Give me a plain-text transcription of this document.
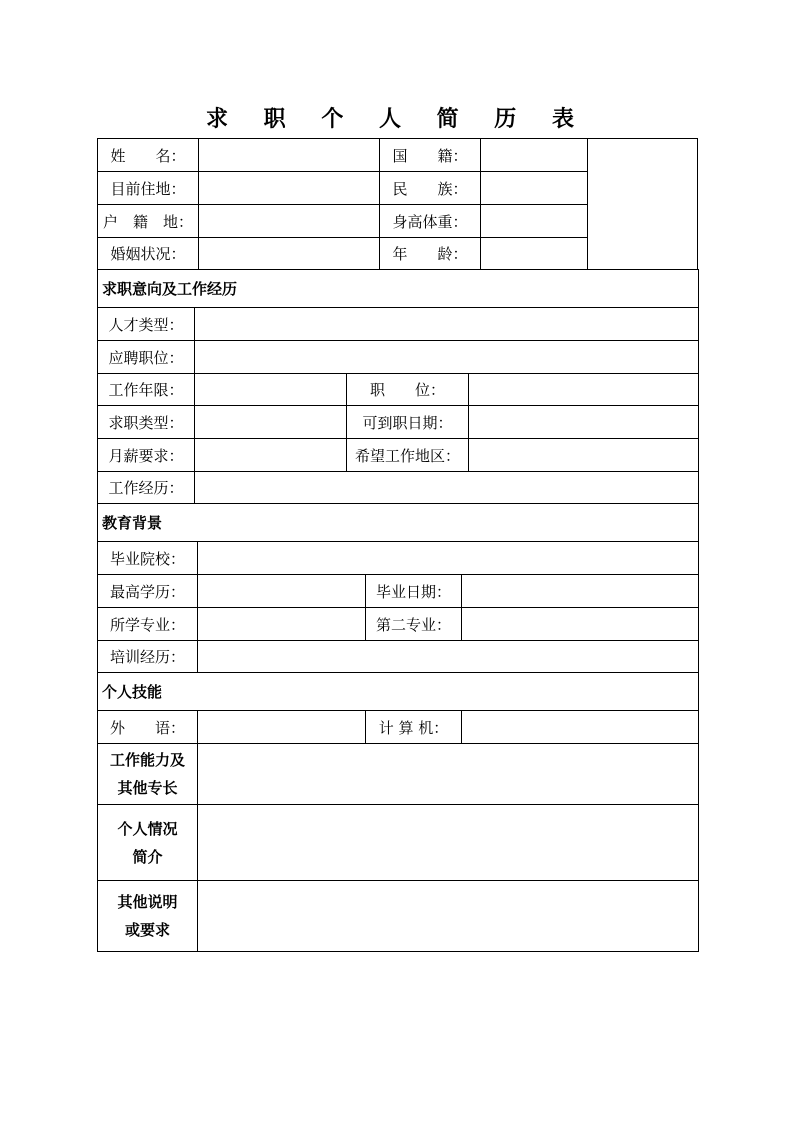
求 职 个 人 简 历 表
姓　　名：		国　　籍：		
目前住地：		民　　族：		
户　籍　地：		身高体重：		
婚姻状况：		年　　龄：		
求职意向及工作经历			
人才类型：			
应聘职位：			
工作年限：		职　　位：	
求职类型：		可到职日期：	
月薪要求：		希望工作地区：	
工作经历：			
教育背景			
毕业院校：			
最高学历：		毕业日期：	
所学专业：		第二专业：	
培训经历：			
个人技能
外　　语：		计 算 机：	
工作能力及其他专长	

个人情况简介	

其他说明或要求	
